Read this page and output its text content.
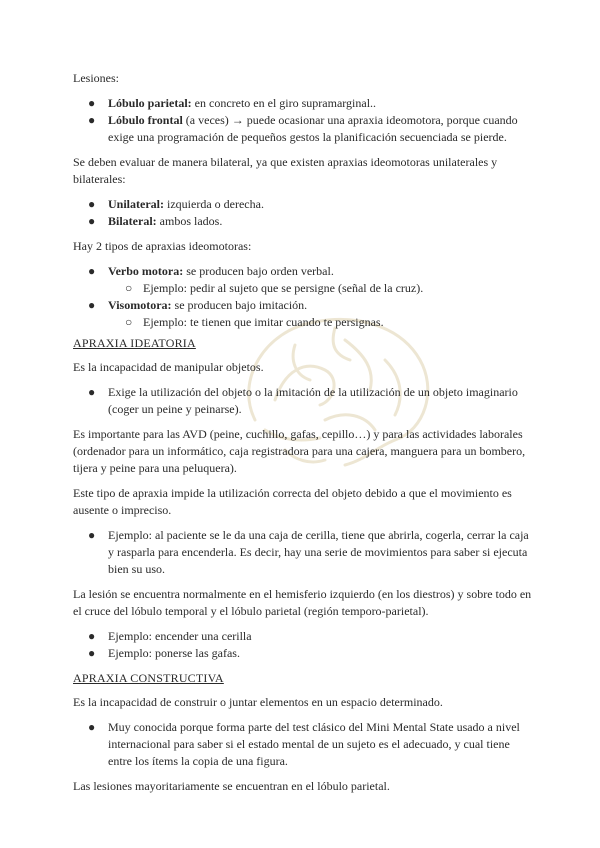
Lesiones:

● Lóbulo parietal: en concreto en el giro supramarginal..
● Lóbulo frontal (a veces) → puede ocasionar una apraxia ideomotora, porque cuando exige una programación de pequeños gestos la planificación secuenciada se pierde.

Se deben evaluar de manera bilateral, ya que existen apraxias ideomotoras unilaterales y bilaterales:

● Unilateral: izquierda o derecha.
● Bilateral: ambos lados.

Hay 2 tipos de apraxias ideomotoras:

● Verbo motora: se producen bajo orden verbal.
○ Ejemplo: pedir al sujeto que se persigne (señal de la cruz).
● Visomotora: se producen bajo imitación.
○ Ejemplo: te tienen que imitar cuando te persignas.
APRAXIA IDEATORIA

Es la incapacidad de manipular objetos.

● Exige la utilización del objeto o la imitación de la utilización de un objeto imaginario (coger un peine y peinarse).

Es importante para las AVD (peine, cuchillo, gafas, cepillo…) y para las actividades laborales (ordenador para un informático, caja registradora para una cajera, manguera para un bombero, tijera y peine para una peluquera).

Este tipo de apraxia impide la utilización correcta del objeto debido a que el movimiento es ausente o impreciso.

● Ejemplo: al paciente se le da una caja de cerilla, tiene que abrirla, cogerla, cerrar la caja y rasparla para encenderla. Es decir, hay una serie de movimientos para saber si ejecuta bien su uso.

La lesión se encuentra normalmente en el hemisferio izquierdo (en los diestros) y sobre todo en el cruce del lóbulo temporal y el lóbulo parietal (región temporo-parietal).

● Ejemplo: encender una cerilla
● Ejemplo: ponerse las gafas.
APRAXIA CONSTRUCTIVA

Es la incapacidad de construir o juntar elementos en un espacio determinado.

● Muy conocida porque forma parte del test clásico del Mini Mental State usado a nivel internacional para saber si el estado mental de un sujeto es el adecuado, y cual tiene entre los ítems la copia de una figura.

Las lesiones mayoritariamente se encuentran en el lóbulo parietal.
